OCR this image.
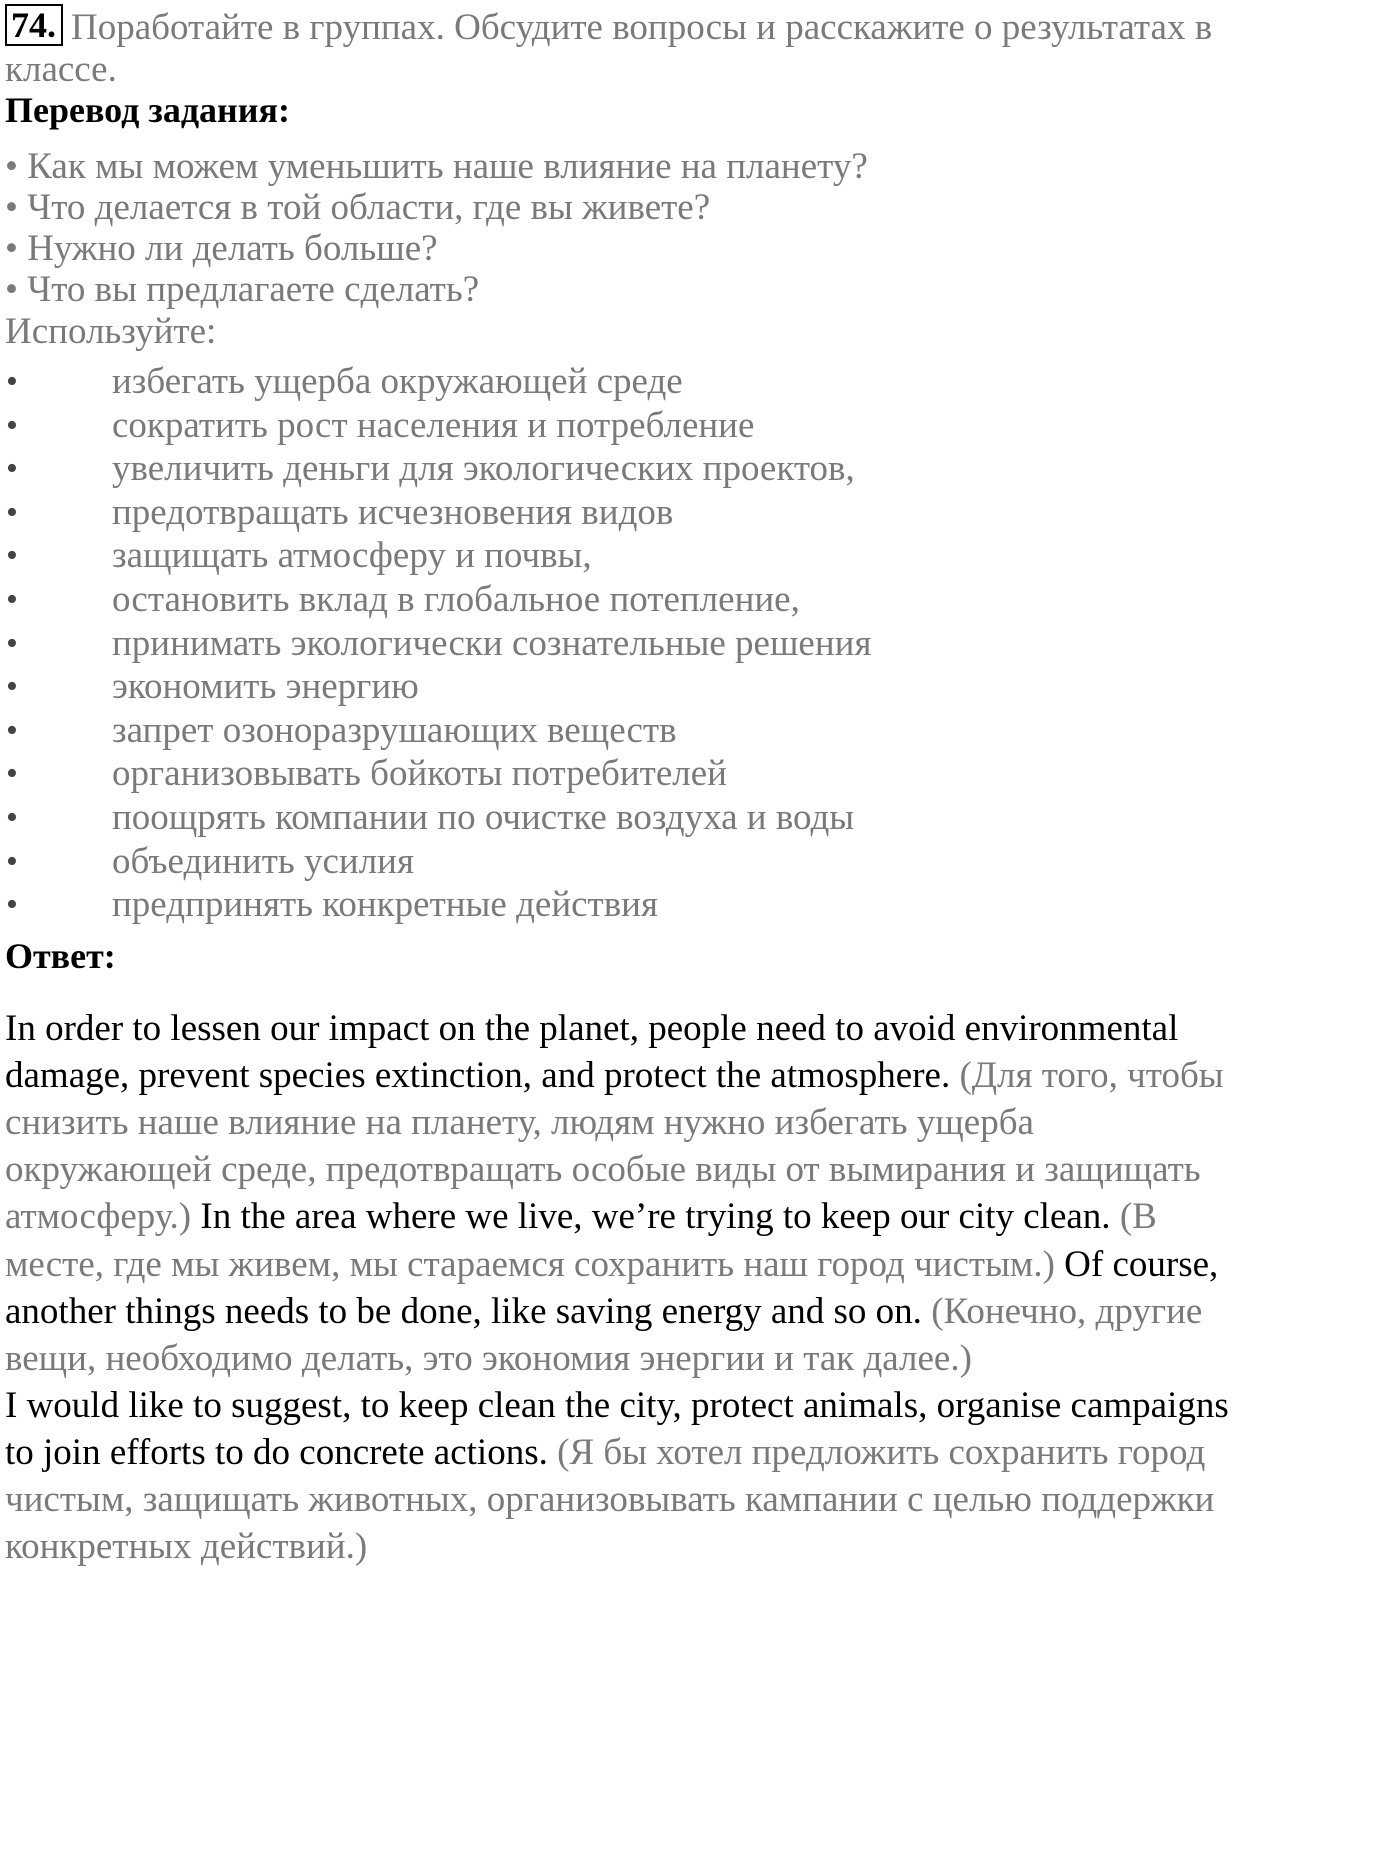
74. Поработайте в группах. Обсудите вопросы и расскажите о результатах в
классе.
Перевод задания:
• Как мы можем уменьшить наше влияние на планету?
• Что делается в той области, где вы живете?
• Нужно ли делать больше?
• Что вы предлагаете сделать?
Используйте:
•	избегать ущерба окружающей среде
•	сократить рост населения и потребление
•	увеличить деньги для экологических проектов,
•	предотвращать исчезновения видов
•	защищать атмосферу и почвы,
•	остановить вклад в глобальное потепление,
•	принимать экологически сознательные решения
•	экономить энергию
•	запрет озоноразрушающих веществ
•	организовывать бойкоты потребителей
•	поощрять компании по очистке воздуха и воды
•	объединить усилия
•	предпринять конкретные действия
Ответ:
In order to lessen our impact on the planet, people need to avoid environmental
damage, prevent species extinction, and protect the atmosphere. (Для того, чтобы
снизить наше влияние на планету, людям нужно избегать ущерба
окружающей среде, предотвращать особые виды от вымирания и защищать
атмосферу.) In the area where we live, we’re trying to keep our city clean. (В
месте, где мы живем, мы стараемся сохранить наш город чистым.) Of course,
another things needs to be done, like saving energy and so on. (Конечно, другие
вещи, необходимо делать, это экономия энергии и так далее.)
I would like to suggest, to keep clean the city, protect animals, organise campaigns
to join efforts to do concrete actions. (Я бы хотел предложить сохранить город
чистым, защищать животных, организовывать кампании с целью поддержки
конкретных действий.)
